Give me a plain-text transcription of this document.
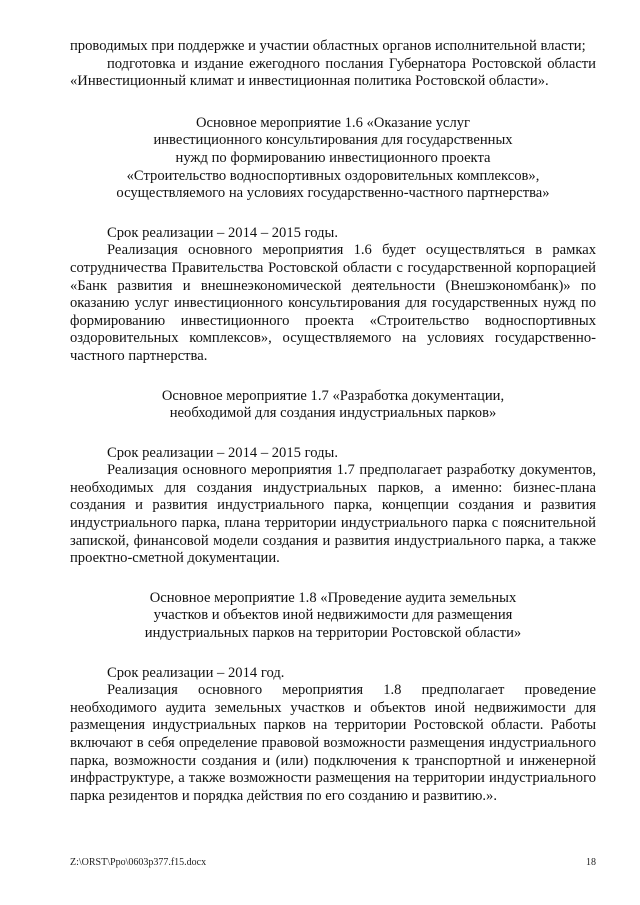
проводимых при поддержке и участии областных органов исполнительной власти;

подготовка и издание ежегодного послания Губернатора Ростовской области «Инвестиционный климат и инвестиционная политика Ростовской области».

Основное мероприятие 1.6 «Оказание услуг

инвестиционного консультирования для государственных

нужд по формированию инвестиционного проекта

«Строительство водноспортивных оздоровительных комплексов»,

осуществляемого на условиях государственно-частного партнерства»

Срок реализации – 2014 – 2015 годы.

Реализация основного мероприятия 1.6 будет осуществляться в рамках сотрудничества Правительства Ростовской области с государственной корпорацией «Банк развития и внешнеэкономической деятельности (Внешэкономбанк)» по оказанию услуг инвестиционного консультирования для государственных нужд по формированию инвестиционного проекта «Строительство водноспортивных оздоровительных комплексов», осуществляемого на условиях государственно-частного партнерства.

Основное мероприятие 1.7 «Разработка документации,

необходимой для создания индустриальных парков»

Срок реализации – 2014 – 2015 годы.

Реализация основного мероприятия 1.7 предполагает разработку документов, необходимых для создания индустриальных парков, а именно: бизнес-плана создания и развития индустриального парка, концепции создания и развития индустриального парка, плана территории индустриального парка с пояснительной запиской, финансовой модели создания и развития индустриального парка, а также проектно-сметной документации.

Основное мероприятие 1.8 «Проведение аудита земельных

участков и объектов иной недвижимости для размещения

индустриальных парков на территории Ростовской области»

Срок реализации – 2014 год.

Реализация основного мероприятия 1.8 предполагает проведение необходимого аудита земельных участков и объектов иной недвижимости для размещения индустриальных парков на территории Ростовской области. Работы включают в себя определение правовой возможности размещения индустриального парка, возможности создания и (или) подключения к транспортной и инженерной инфраструктуре, а также возможности размещения на территории индустриального парка резидентов и порядка действия по его созданию и развитию.».

Z:\ORST\Ppo\0603p377.f15.docx	18
